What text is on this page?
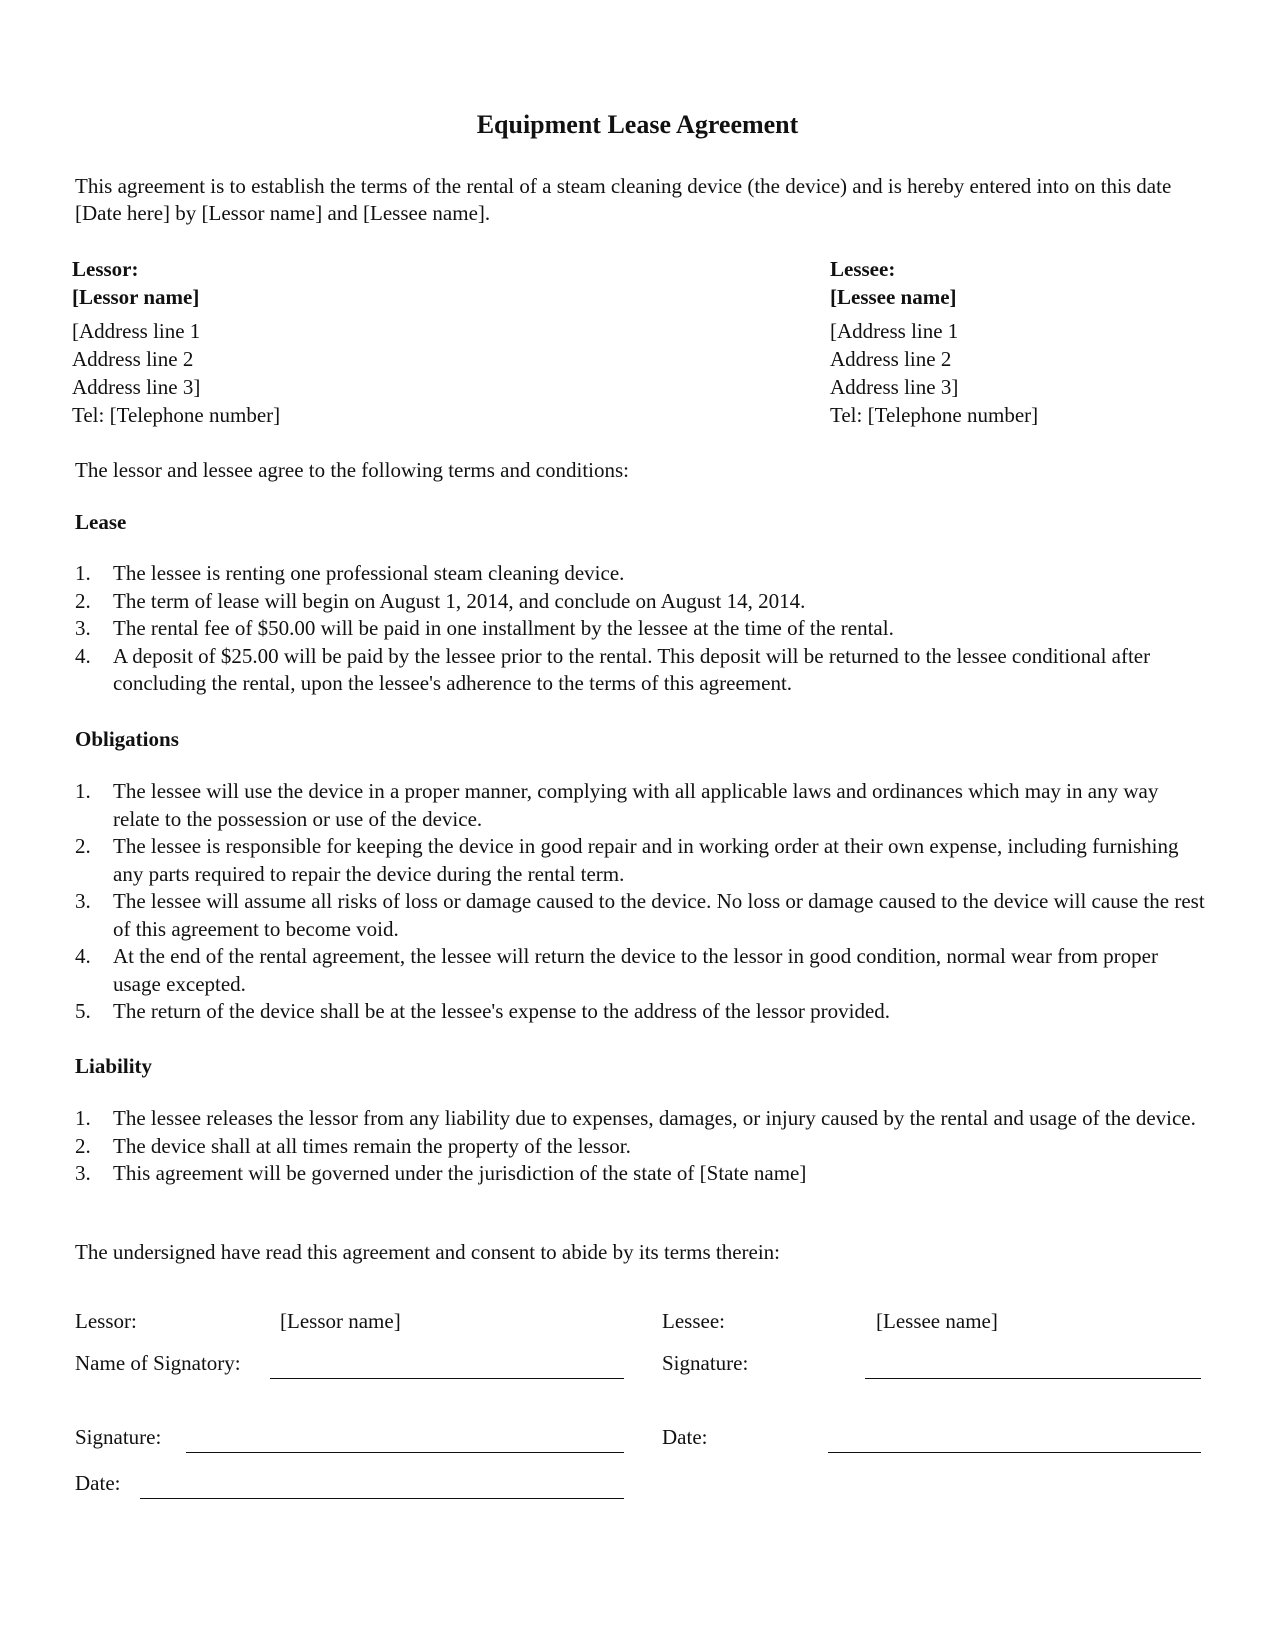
Equipment Lease Agreement
This agreement is to establish the terms of the rental of a steam cleaning device (the device) and is hereby entered into on this date [Date here] by [Lessor name] and [Lessee name].
Lessor:
[Lessor name]
[Address line 1
Address line 2
Address line 3]
Tel: [Telephone number]
Lessee:
[Lessee name]
[Address line 1
Address line 2
Address line 3]
Tel: [Telephone number]
The lessor and lessee agree to the following terms and conditions:
Lease
1. The lessee is renting one professional steam cleaning device.
2. The term of lease will begin on August 1, 2014, and conclude on August 14, 2014.
3. The rental fee of $50.00 will be paid in one installment by the lessee at the time of the rental.
4. A deposit of $25.00 will be paid by the lessee prior to the rental. This deposit will be returned to the lessee conditional after concluding the rental, upon the lessee's adherence to the terms of this agreement.
Obligations
1. The lessee will use the device in a proper manner, complying with all applicable laws and ordinances which may in any way relate to the possession or use of the device.
2. The lessee is responsible for keeping the device in good repair and in working order at their own expense, including furnishing any parts required to repair the device during the rental term.
3. The lessee will assume all risks of loss or damage caused to the device. No loss or damage caused to the device will cause the rest of this agreement to become void.
4. At the end of the rental agreement, the lessee will return the device to the lessor in good condition, normal wear from proper usage excepted.
5. The return of the device shall be at the lessee's expense to the address of the lessor provided.
Liability
1. The lessee releases the lessor from any liability due to expenses, damages, or injury caused by the rental and usage of the device.
2. The device shall at all times remain the property of the lessor.
3. This agreement will be governed under the jurisdiction of the state of [State name]
The undersigned have read this agreement and consent to abide by its terms therein:
Lessor:	[Lessor name]
Name of Signatory:
Signature:
Date:
Lessee:	[Lessee name]
Signature:
Date:
